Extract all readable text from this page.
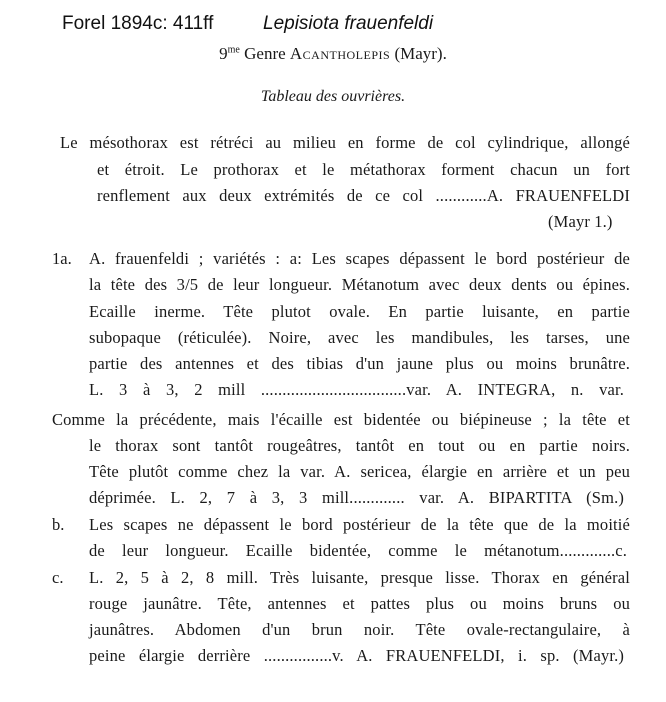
Forel 1894c: 411ff	Lepisiota frauenfeldi
$9^{me}$ Genre Acantholepis (Mayr).
Tableau des ouvrières.
Le mésothorax est rétréci au milieu en forme de col cylindrique, allongé
et étroit. Le prothorax et le métathorax forment chacun un fort
renflement aux deux extrémités de ce col ............A. FRAUENFELDI
(Mayr 1.)
1a. A. frauenfeldi ; variétés : a: Les scapes dépassent le bord postérieur de
la tête des 3/5 de leur longueur. Métanotum avec deux dents ou épines.
Ecaille inerme. Tête plutot ovale. En partie luisante, en partie
subopaque (réticulée). Noire, avec les mandibules, les tarses, une
partie des antennes et des tibias d'un jaune plus ou moins brunâtre.
L. 3 à 3, 2 mill ..................................var. A. INTEGRA, n. var.
Comme la précédente, mais l'écaille est bidentée ou biépineuse ; la tête et
le thorax sont tantôt rougeâtres, tantôt en tout ou en partie noirs.
Tête plutôt comme chez la var. A. sericea, élargie en arrière et un peu
déprimée. L. 2, 7 à 3, 3 mill............. var. A. BIPARTITA (Sm.)
b. Les scapes ne dépassent le bord postérieur de la tête que de la moitié
de leur longueur. Ecaille bidentée, comme le métanotum.............c.
c. L. 2, 5 à 2, 8 mill. Très luisante, presque lisse. Thorax en général
rouge jaunâtre. Tête, antennes et pattes plus ou moins bruns ou
jaunâtres. Abdomen d'un brun noir. Tête ovale-rectangulaire, à
peine élargie derrière ................v. A. FRAUENFELDI, i. sp. (Mayr.)
